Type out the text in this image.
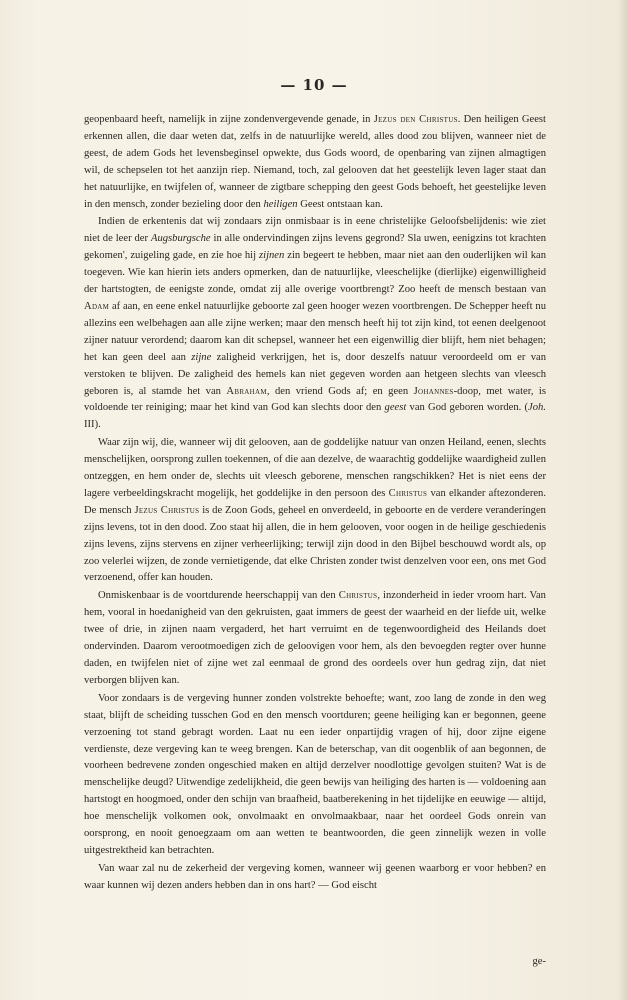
— 10 —

geopenbaard heeft, namelijk in zijne zondenvergevende genade, in Jezus den Christus. Den heiligen Geest erkennen allen, die daar weten dat, zelfs in de natuurlijke wereld, alles dood zou blijven, wanneer niet de geest, de adem Gods het levensbeginsel opwekte, dus Gods woord, de openbaring van zijnen almagtigen wil, de schepselen tot het aanzijn riep. Niemand, toch, zal gelooven dat het geestelijk leven lager staat dan het natuurlijke, en twijfelen of, wanneer de zigtbare schepping den geest Gods behoeft, het geestelijke leven in den mensch, zonder bezieling door den heiligen Geest ontstaan kan.

Indien de erkentenis dat wij zondaars zijn onmisbaar is in eene christelijke Geloofsbelijdenis: wie ziet niet de leer der Augsburgsche in alle ondervindingen zijns levens gegrond? Sla uwen, eenigzins tot krachten gekomen', zuigeling gade, en zie hoe hij zijnen zin begeert te hebben, maar niet aan den ouderlijken wil kan toegeven. Wie kan hierin iets anders opmerken, dan de natuurlijke, vleeschelijke (dierlijke) eigenwilligheid der hartstogten, de eenigste zonde, omdat zij alle overige voortbrengt? Zoo heeft de mensch bestaan van Adam af aan, en eene enkel natuurlijke geboorte zal geen hooger wezen voortbrengen. De Schepper heeft nu allezins een welbehagen aan alle zijne werken; maar den mensch heeft hij tot zijn kind, tot eenen deelgenoot zijner natuur verordend; daarom kan dit schepsel, wanneer het een eigenwillig dier blijft, hem niet behagen; het kan geen deel aan zijne zaligheid verkrijgen, het is, door deszelfs natuur veroordeeld om er van verstoken te blijven. De zaligheid des hemels kan niet gegeven worden aan hetgeen slechts van vleesch geboren is, al stamde het van Abraham, den vriend Gods af; en geen Johannes-doop, met water, is voldoende ter reiniging; maar het kind van God kan slechts door den geest van God geboren worden. (Joh. III).

Waar zijn wij, die, wanneer wij dit gelooven, aan de goddelijke natuur van onzen Heiland, eenen, slechts menschelijken, oorsprong zullen toekennen, of die aan dezelve, de waarachtig goddelijke waardigheid zullen ontzeggen, en hem onder de, slechts uit vleesch geborene, menschen rangschikken? Het is niet eens der lagere verbeeldingskracht mogelijk, het goddelijke in den persoon des Christus van elkander aftezonderen. De mensch Jezus Christus is de Zoon Gods, geheel en onverdeeld, in geboorte en de verdere veranderingen zijns levens, tot in den dood. Zoo staat hij allen, die in hem gelooven, voor oogen in de heilige geschiedenis zijns levens, zijns stervens en zijner verheerlijking; terwijl zijn dood in den Bijbel beschouwd wordt als, op zoo velerlei wijzen, de zonde vernietigende, dat elke Christen zonder twist denzelven voor een, ons met God verzoenend, offer kan houden.

Onmiskenbaar is de voortdurende heerschappij van den Christus, inzonderheid in ieder vroom hart. Van hem, vooral in hoedanigheid van den gekruisten, gaat immers de geest der waarheid en der liefde uit, welke twee of drie, in zijnen naam vergaderd, het hart verruimt en de tegenwoordigheid des Heilands doet ondervinden. Daarom verootmoedigen zich de geloovigen voor hem, als den bevoegden regter over hunne daden, en twijfelen niet of zijne wet zal eenmaal de grond des oordeels over hun gedrag zijn, dat niet verborgen blijven kan.

Voor zondaars is de vergeving hunner zonden volstrekte behoefte; want, zoo lang de zonde in den weg staat, blijft de scheiding tusschen God en den mensch voortduren; geene heiliging kan er begonnen, geene verzoening tot stand gebragt worden. Laat nu een ieder onpartijdig vragen of hij, door zijne eigene verdienste, deze vergeving kan te weeg brengen. Kan de beterschap, van dit oogenblik of aan begonnen, de voorheen bedrevene zonden ongeschied maken en altijd derzelver noodlottige gevolgen stuiten? Wat is de menschelijke deugd? Uitwendige zedelijkheid, die geen bewijs van heiliging des harten is — voldoening aan hartstogt en hoogmoed, onder den schijn van braafheid, baatberekening in het tijdelijke en eeuwige — altijd, hoe menschelijk volkomen ook, onvolmaakt en onvolmaakbaar, naar het oordeel Gods onrein van oorsprong, en nooit genoegzaam om aan wetten te beantwoorden, die geen zinnelijk wezen in volle uitgestrektheid kan betrachten.

Van waar zal nu de zekerheid der vergeving komen, wanneer wij geenen waarborg er voor hebben? en waar kunnen wij dezen anders hebben dan in ons hart? — God eischt

ge-
